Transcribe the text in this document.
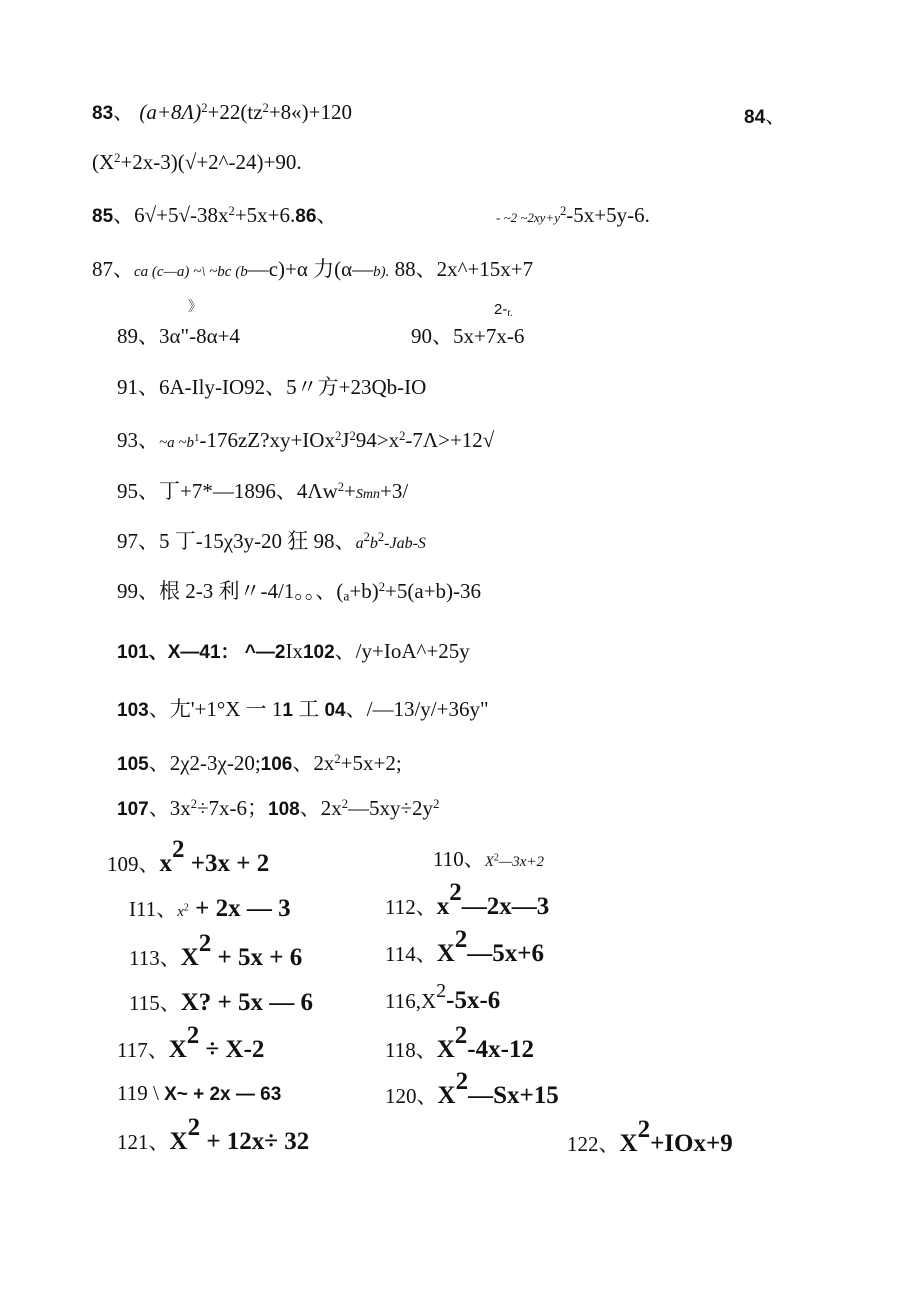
83、 $(a+8\Lambda)^2+22(tz^2+8«)+120$	84、
$(X^2+2x-3)(√+2\^{}-24)+90$.
85、$6√+5√-38x^2+5x+6.86$、	- ~2 $\sim 2xy+y^2-5x+5y-6$.
87、ca (c—a) ~\ ~bc (b—c)+α 力(α—b). 88、2x^+15x+7
》	$2-_{r.}$
89、3α"-8α+4	90、5x+7x-6
91、6A-Ily-IO92、5〃方+23Qb-IO
93、~a $\sim b^1-176zZ?xy+IOx^2J^294>x^2-7\Lambda>+12√$
95、丁+7*—1896、$4\Lambda w^2+Smn+3/$
97、5 丁-15χ3y-20 狂 98、$a^2b^2-Jab-S$
99、根 2-3 利〃-4/1。。、$(_a+b)^2+5(a+b)-36$
101、X—41： ^—2Ix102、/y+IoA^+25y
103、尢'+1°X 一 11 工 04、/—13/y/+36y"
105、2χ2-3χ-20;106、$2x^2+5x+2$;
107、$3x^2\div 7x-6$；108、$2x^2—5xy\div 2y^2$
109、$x^2 +3x + 2$	110、$X^2—3x+2$
I11、$x^2 + 2x$ — 3	112、$x^2—2x—3$
113、$X^2 + 5x + 6$	114、$X^2—5x+6$
115、X? + 5x — 6	$116,X^2-5x-6$
117、$X^2 \div X-2$	118、$X^2-4x-12$
119 \ X~ + 2x — 63	120、$X^2—Sx+15$
121、$X^2 + 12x\div 32$	122、$X^2+IOx+9$
